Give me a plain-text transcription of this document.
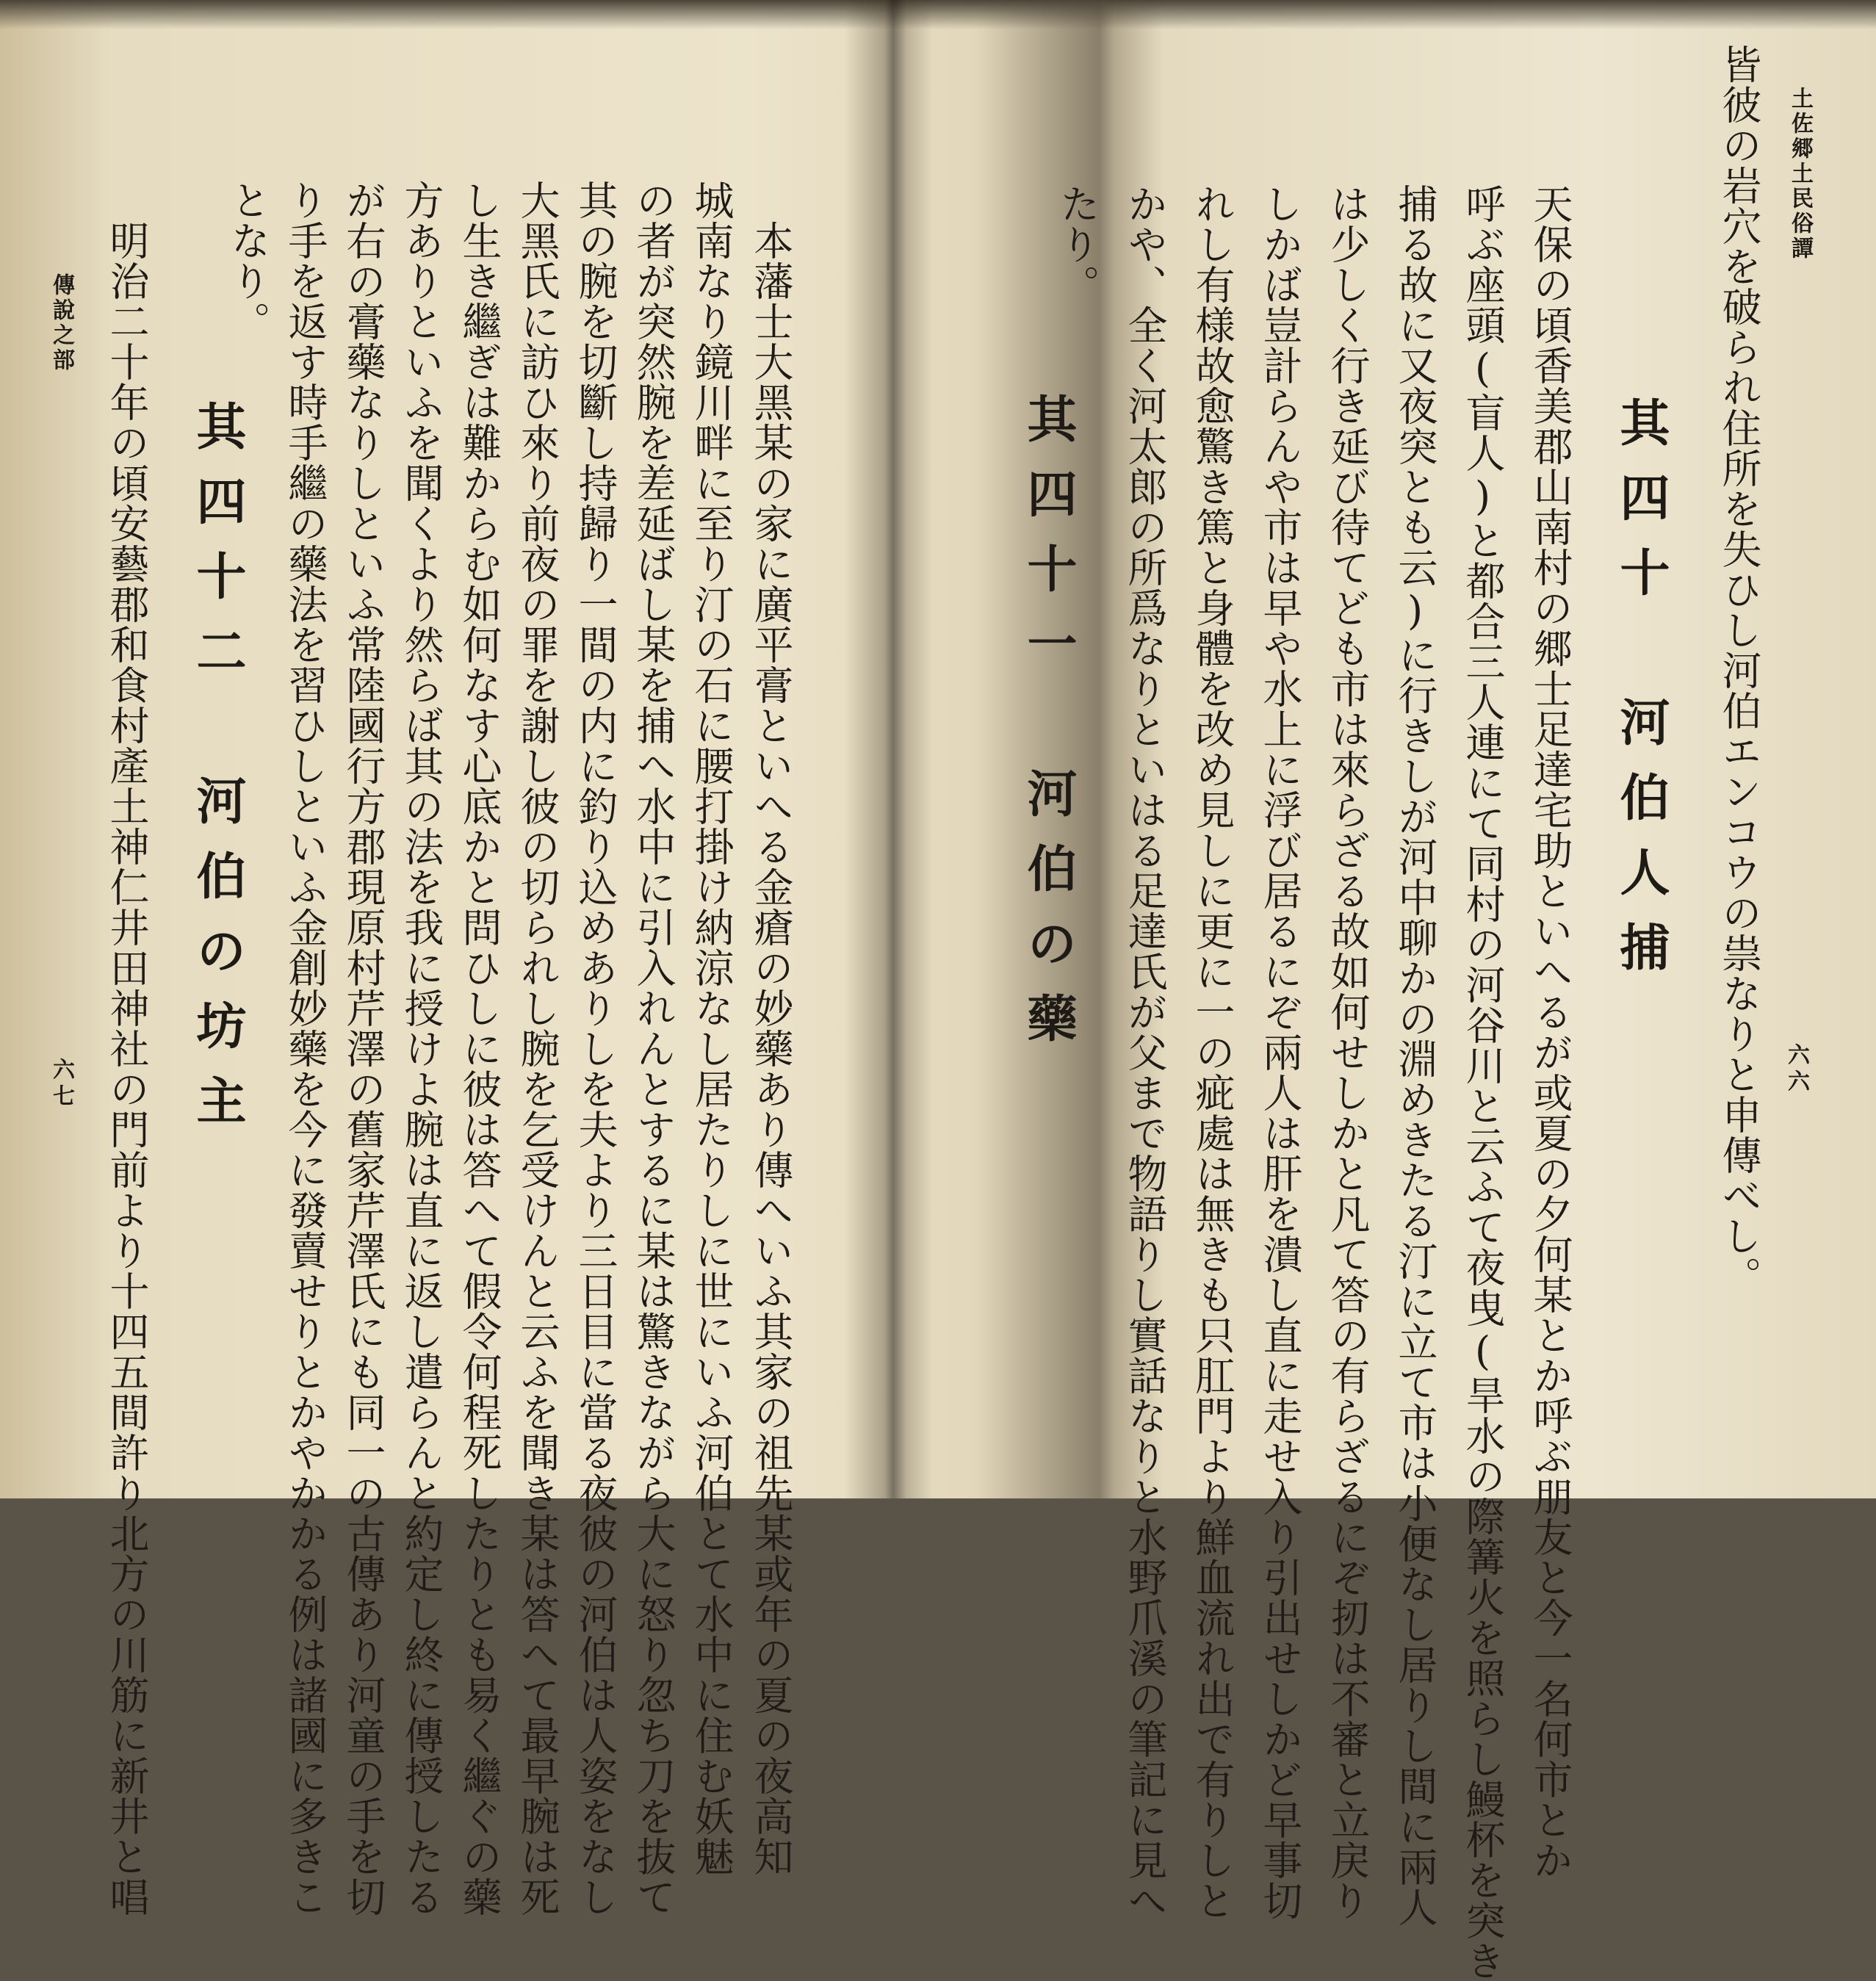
土佐郷土民俗譚
六六
皆彼の岩穴を破られ住所を失ひし河伯エンコウの祟なりと申傳べし。
其四十　河伯人捕
天保の頃香美郡山南村の郷士足達宅助といへるが或夏の夕何某とか呼ぶ朋友と今一名何市とか
呼ぶ座頭(盲人)と都合三人連にて同村の河谷川と云ふて夜曳(旱水の際篝火を照らし鰻杯を突き
捕る故に又夜突とも云)に行きしが河中聊かの淵めきたる汀に立て市は小便なし居りし間に兩人
は少しく行き延び待てども市は來らざる故如何せしかと凡て答の有らざるにぞ扨は不審と立戻り
しかば豈計らんや市は早や水上に浮び居るにぞ兩人は肝を潰し直に走せ入り引出せしかど早事切
れし有様故愈驚き篤と身體を改め見しに更に一の疵處は無きも只肛門より鮮血流れ出で有りしと
かや、全く河太郎の所爲なりといはる足達氏が父まで物語りし實話なりと水野爪溪の筆記に見へ
たり。
其四十一　河伯の藥
本藩士大黑某の家に廣平膏といへる金瘡の妙藥あり傳へいふ其家の祖先某或年の夏の夜高知
城南なり鏡川畔に至り汀の石に腰打掛け納涼なし居たりしに世にいふ河伯とて水中に住む妖魅
の者が突然腕を差延ばし某を捕へ水中に引入れんとするに某は驚きながら大に怒り忽ち刀を抜て
其の腕を切斷し持歸り一間の内に釣り込めありしを夫より三日目に當る夜彼の河伯は人姿をなし
大黑氏に訪ひ來り前夜の罪を謝し彼の切られし腕を乞受けんと云ふを聞き某は答へて最早腕は死
し生き繼ぎは難からむ如何なす心底かと問ひしに彼は答へて假令何程死したりとも易く繼ぐの藥
方ありといふを聞くより然らば其の法を我に授けよ腕は直に返し遣らんと約定し終に傳授したる
が右の膏藥なりしといふ常陸國行方郡現原村芹澤の舊家芹澤氏にも同一の古傳あり河童の手を切
り手を返す時手繼の藥法を習ひしといふ金創妙藥を今に發賣せりとかやかかる例は諸國に多きこ
となり。
其四十二　河伯の坊主
明治二十年の頃安藝郡和食村產土神仁井田神社の門前より十四五間許り北方の川筋に新井と唱
傳說之部
六七
